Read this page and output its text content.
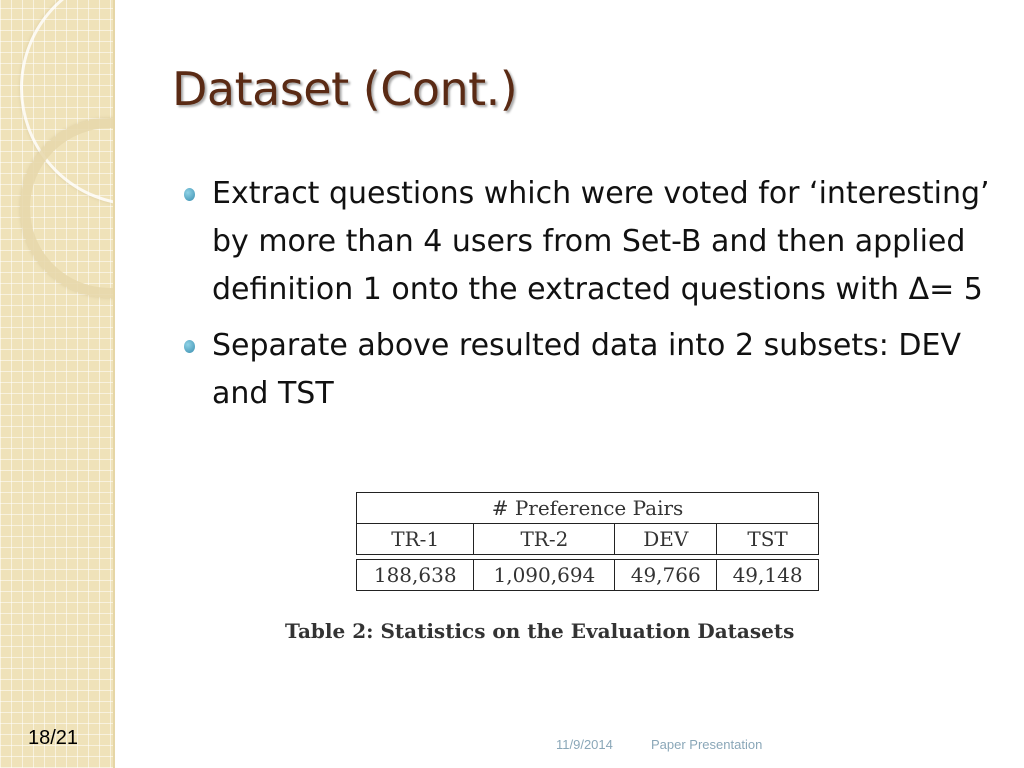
18/21
Dataset (Cont.)
Extract questions which were voted for ‘interesting’ by more than 4 users from Set-B and then applied definition 1 onto the extracted questions with Δ= 5
Separate above resulted data into 2 subsets: DEV and TST
# Preference Pairs			
TR-1	TR-2	DEV	TST

188,638	1,090,694	49,766	49,148
Table 2: Statistics on the Evaluation Datasets
11/9/2014	Paper Presentation
